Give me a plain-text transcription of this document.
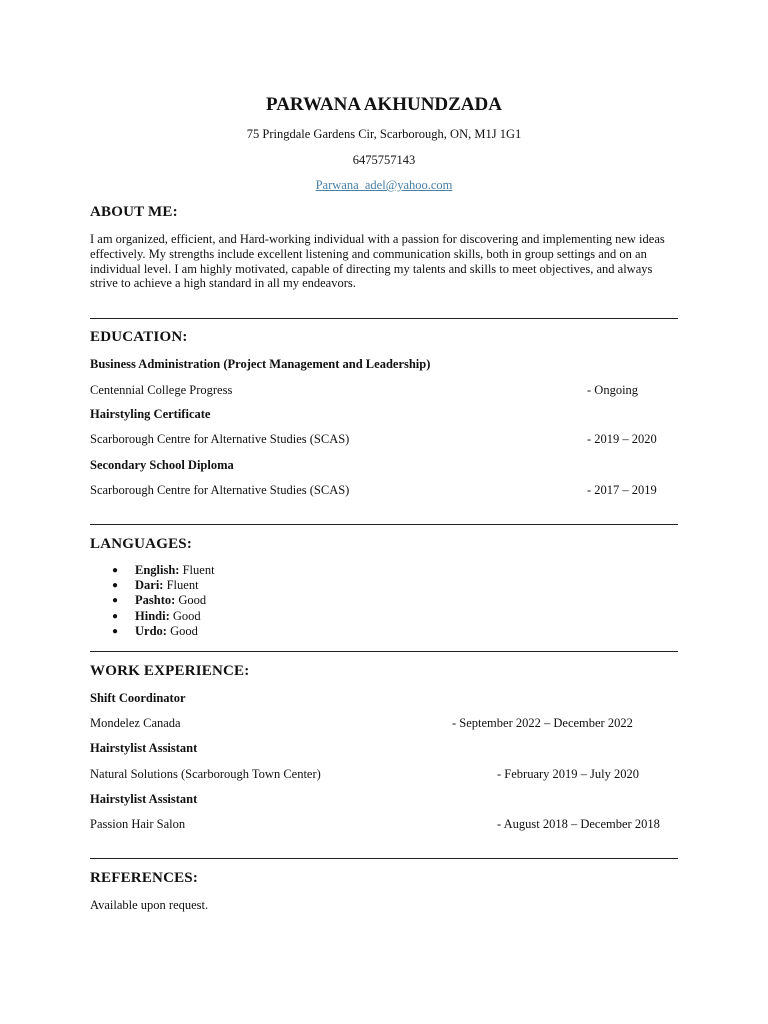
PARWANA AKHUNDZADA
75 Pringdale Gardens Cir, Scarborough, ON, M1J 1G1
6475757143
Parwana_adel@yahoo.com
ABOUT ME:
I am organized, efficient, and Hard-working individual with a passion for discovering and implementing new ideas
effectively. My strengths include excellent listening and communication skills, both in group settings and on an
individual level. I am highly motivated, capable of directing my talents and skills to meet objectives, and always
strive to achieve a high standard in all my endeavors.
EDUCATION:
Business Administration (Project Management and Leadership)
Centennial College Progress	- Ongoing
Hairstyling Certificate
Scarborough Centre for Alternative Studies (SCAS)	- 2019 – 2020
Secondary School Diploma
Scarborough Centre for Alternative Studies (SCAS)	- 2017 – 2019
LANGUAGES:
● English: Fluent
● Dari: Fluent
● Pashto: Good
● Hindi: Good
● Urdo: Good
WORK EXPERIENCE:
Shift Coordinator
Mondelez Canada	- September 2022 – December 2022
Hairstylist Assistant
Natural Solutions (Scarborough Town Center)	- February 2019 – July 2020
Hairstylist Assistant
Passion Hair Salon	- August 2018 – December 2018
REFERENCES:
Available upon request.
